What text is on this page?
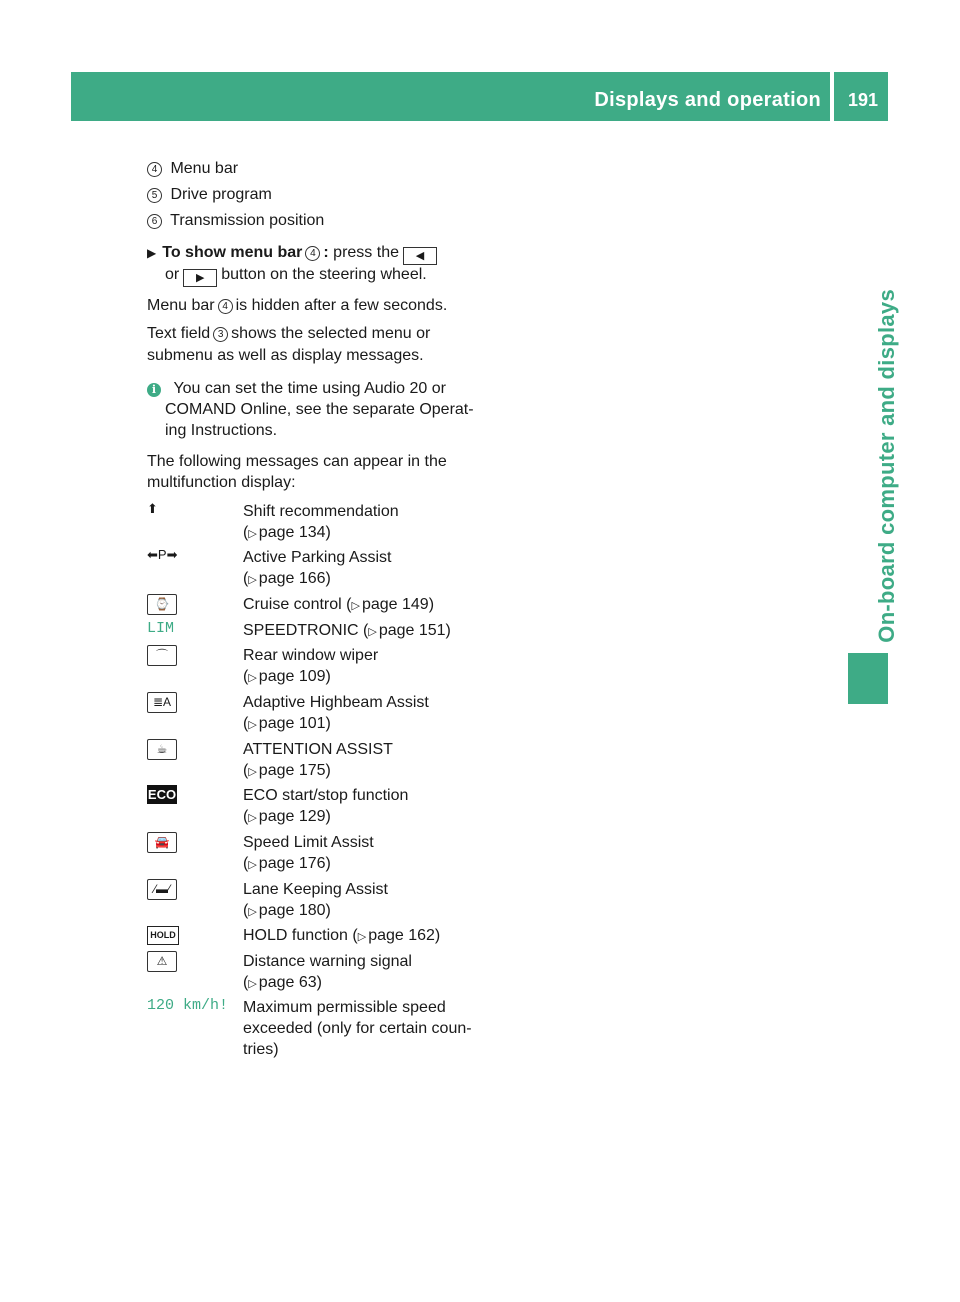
Displays and operation 191
On-board computer and displays
4 Menu bar
5 Drive program
6 Transmission position
▶ To show menu bar 4 : press the ◀
or ▶ button on the steering wheel.
Menu bar 4 is hidden after a few seconds.
Text field 3 shows the selected menu or
submenu as well as display messages.
i You can set the time using Audio 20 or
COMAND Online, see the separate Operat-
ing Instructions.
The following messages can appear in the
multifunction display:
⬆	Shift recommendation
(▷ page 134)
⬅P➡	Active Parking Assist
(▷ page 166)
⌚	Cruise control (▷ page 149)
LIM	SPEEDTRONIC (▷ page 151)
⌒	Rear window wiper
(▷ page 109)
≣A	Adaptive Highbeam Assist
(▷ page 101)
☕	ATTENTION ASSIST
(▷ page 175)
ECO	ECO start/stop function
(▷ page 129)
🚘	Speed Limit Assist
(▷ page 176)
⁄▬⁄	Lane Keeping Assist
(▷ page 180)
HOLD	HOLD function (▷ page 162)
⚠	Distance warning signal
(▷ page 63)
120 km/h! Maximum permissible speed
exceeded (only for certain coun-
tries)
